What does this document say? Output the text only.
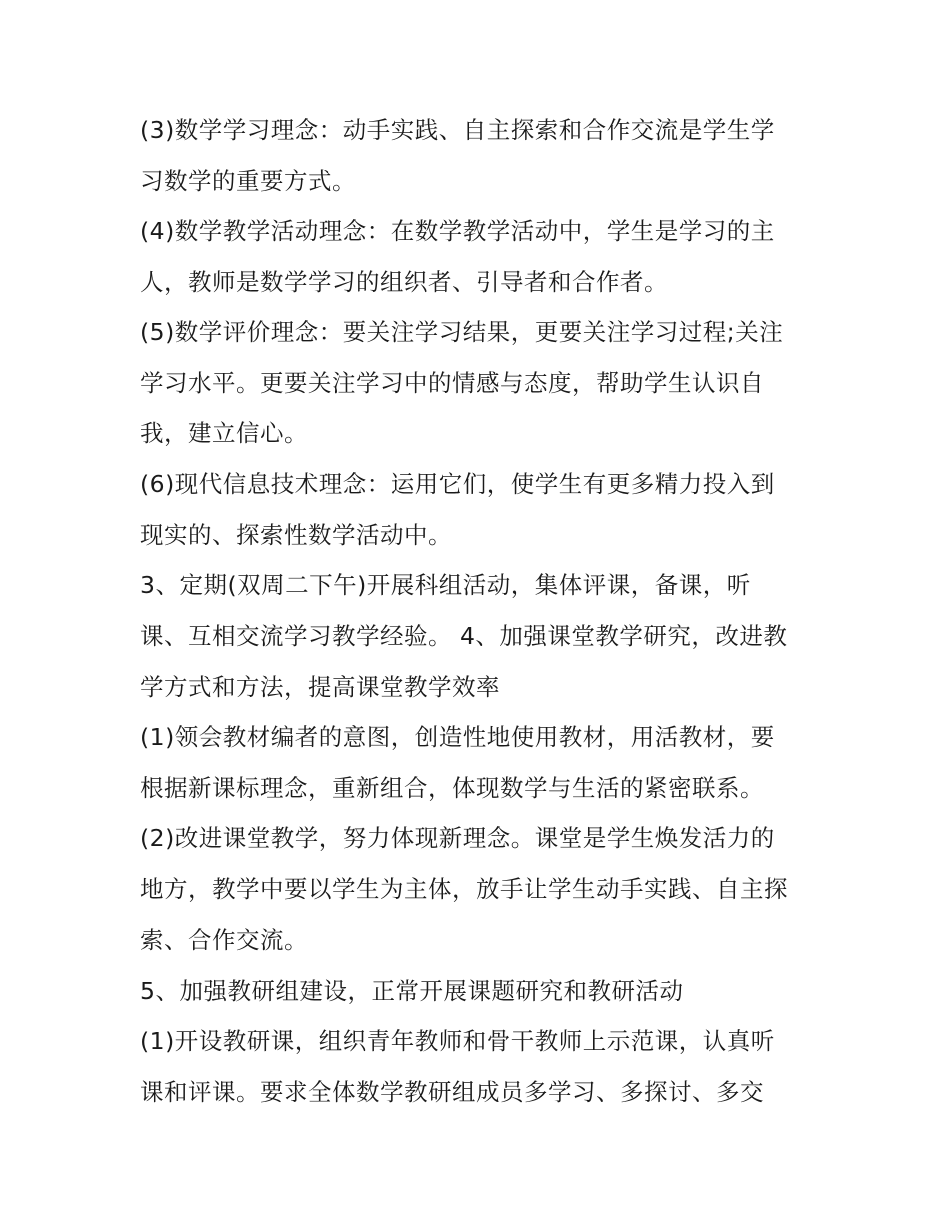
(3)数学学习理念：动手实践、自主探索和合作交流是学生学
习数学的重要方式。
(4)数学教学活动理念：在数学教学活动中，学生是学习的主
人，教师是数学学习的组织者、引导者和合作者。
(5)数学评价理念：要关注学习结果，更要关注学习过程;关注
学习水平。更要关注学习中的情感与态度，帮助学生认识自
我，建立信心。
(6)现代信息技术理念：运用它们，使学生有更多精力投入到
现实的、探索性数学活动中。
3、定期(双周二下午)开展科组活动，集体评课，备课，听
课、互相交流学习教学经验。 4、加强课堂教学研究，改进教
学方式和方法，提高课堂教学效率
(1)领会教材编者的意图，创造性地使用教材，用活教材，要
根据新课标理念，重新组合，体现数学与生活的紧密联系。
(2)改进课堂教学，努力体现新理念。课堂是学生焕发活力的
地方，教学中要以学生为主体，放手让学生动手实践、自主探
索、合作交流。
5、加强教研组建设，正常开展课题研究和教研活动
(1)开设教研课，组织青年教师和骨干教师上示范课，认真听
课和评课。要求全体数学教研组成员多学习、多探讨、多交
